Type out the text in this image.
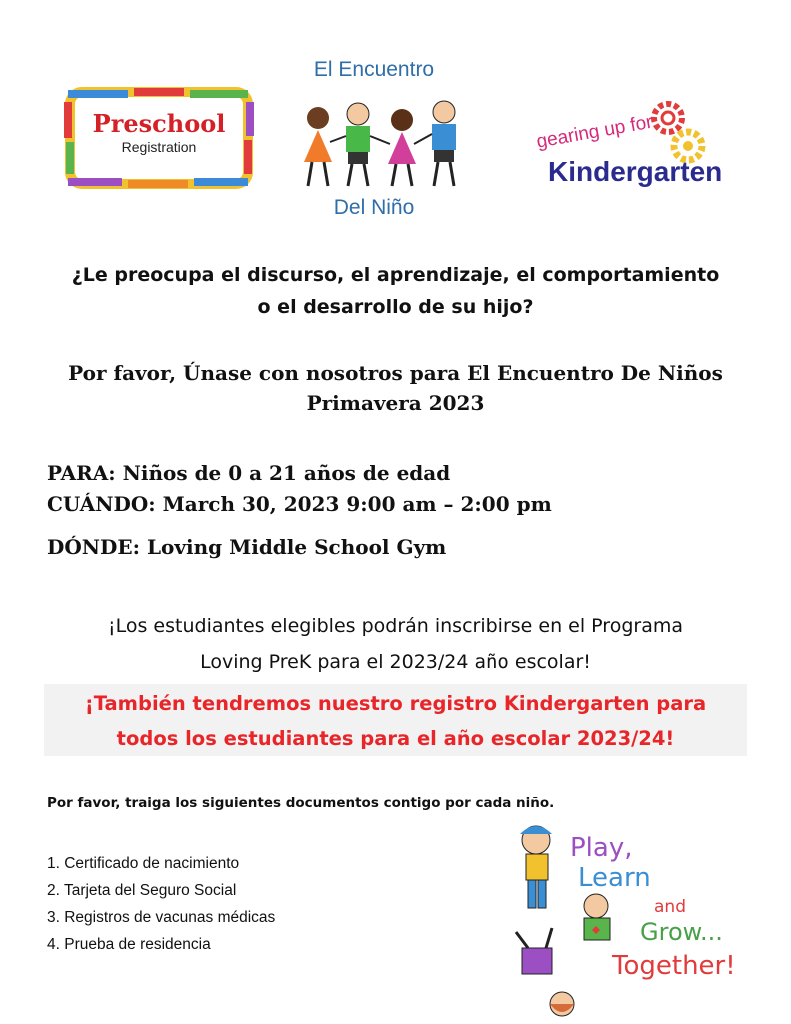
Preschool
Registration
El Encuentro
Del Niño
gearing up for
Kindergarten
¿Le preocupa el discurso, el aprendizaje, el comportamiento
o el desarrollo de su hijo?
Por favor, Únase con nosotros para El Encuentro De Niños
Primavera 2023
PARA: Niños de 0 a 21 años de edad
CUÁNDO: March 30, 2023 9:00 am – 2:00 pm
DÓNDE: Loving Middle School Gym
¡Los estudiantes elegibles podrán inscribirse en el Programa
Loving PreK para el 2023/24 año escolar!
¡También tendremos nuestro registro Kindergarten para
todos los estudiantes para el año escolar 2023/24!
Por favor, traiga los siguientes documentos contigo por cada niño.
1. Certificado de nacimiento
2. Tarjeta del Seguro Social
3. Registros de vacunas médicas
4. Prueba de residencia
Play,
Learn
and
Grow...
Together!
